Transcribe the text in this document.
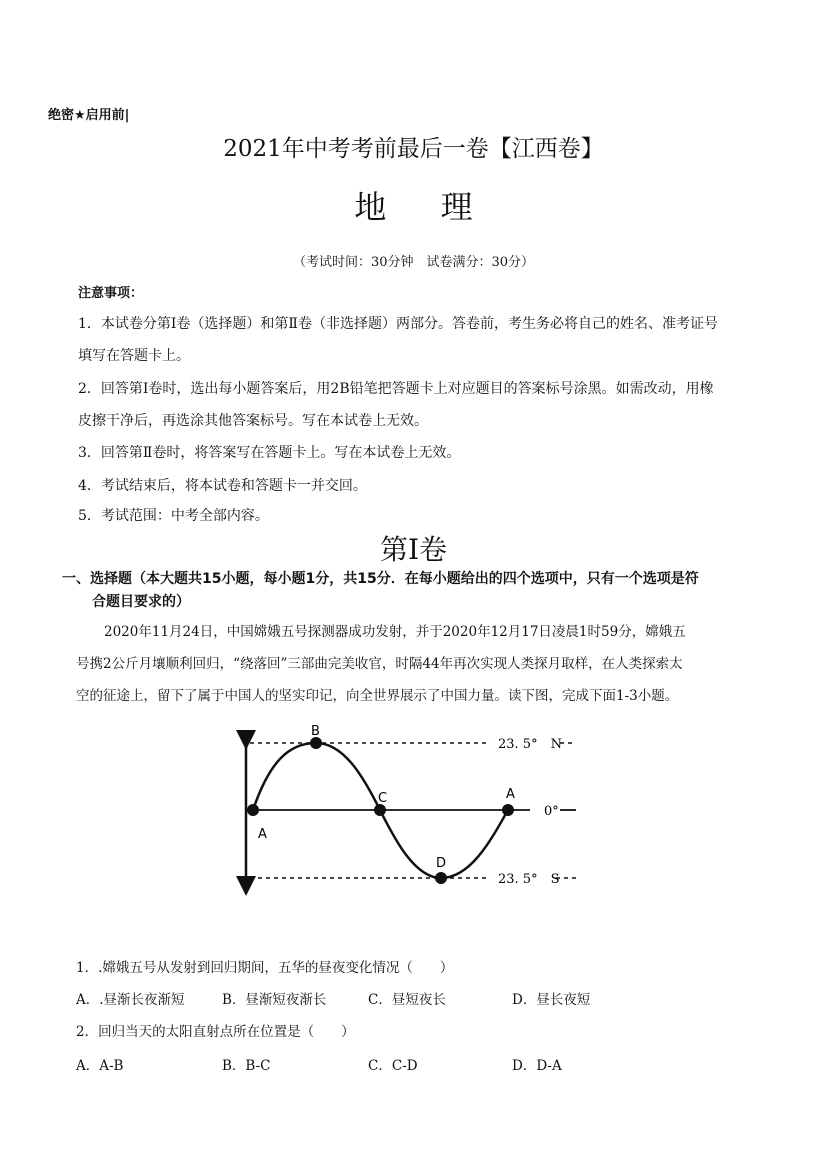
绝密★启用前|
2021年中考考前最后一卷【江西卷】
地 理
（考试时间：30分钟　试卷满分：30分）
注意事项：
1．本试卷分第Ⅰ卷（选择题）和第Ⅱ卷（非选择题）两部分。答卷前，考生务必将自己的姓名、准考证号
填写在答题卡上。
2．回答第Ⅰ卷时，选出每小题答案后，用2B铅笔把答题卡上对应题目的答案标号涂黑。如需改动，用橡
皮擦干净后，再选涂其他答案标号。写在本试卷上无效。
3．回答第Ⅱ卷时，将答案写在答题卡上。写在本试卷上无效。
4．考试结束后，将本试卷和答题卡一并交回。
5．考试范围：中考全部内容。
第Ⅰ卷
一、选择题（本大题共15小题，每小题1分，共15分．在每小题给出的四个选项中，只有一个选项是符
合题目要求的）
2020年11月24日，中国嫦娥五号探测器成功发射，并于2020年12月17日凌晨1时59分，嫦娥五
号携2公斤月壤顺利回归，“绕落回”三部曲完美收官，时隔44年再次实现人类探月取样，在人类探索太
空的征途上，留下了属于中国人的坚实印记，向全世界展示了中国力量。读下图，完成下面1-3小题。
B
C	A
D
A
23. 5°　N
0°
23. 5°　S
1．.嫦娥五号从发射到回归期间，五华的昼夜变化情况（　　）
A．.昼渐长夜渐短	B．昼渐短夜渐长	C．昼短夜长	D．昼长夜短
2．回归当天的太阳直射点所在位置是（　　）
A．A-B	B．B-C	C．C-D	D．D-A
